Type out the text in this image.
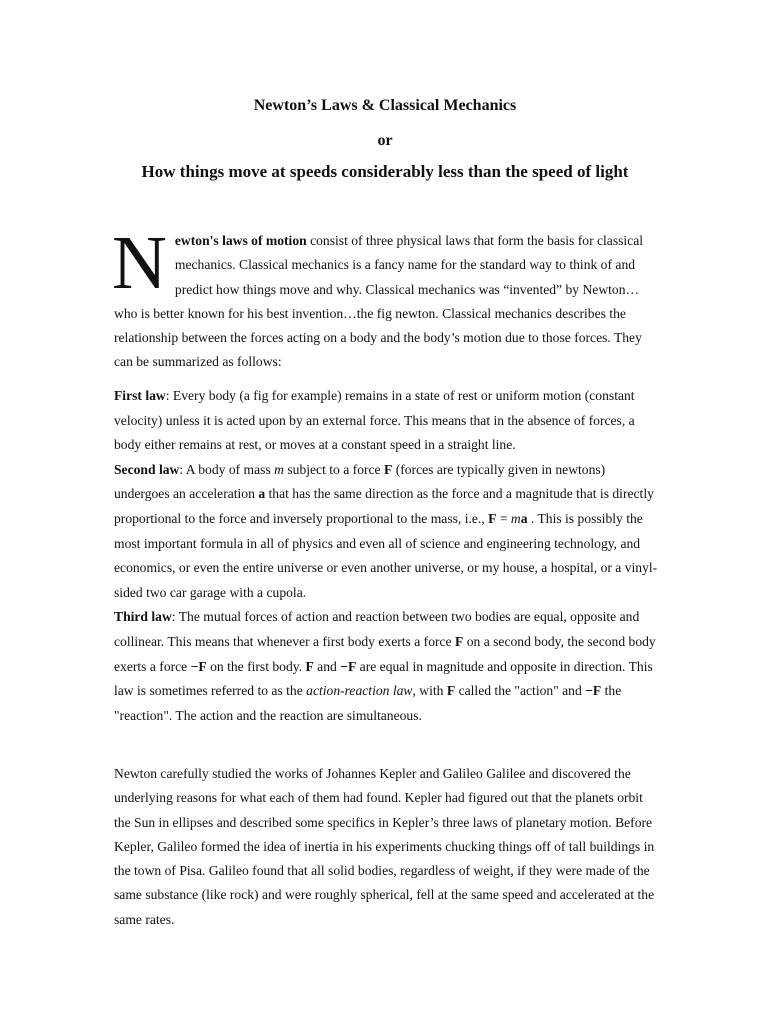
Newton’s Laws & Classical Mechanics
or
How things move at speeds considerably less than the speed of light
Newton's laws of motion consist of three physical laws that form the basis for classical mechanics. Classical mechanics is a fancy name for the standard way to think of and predict how things move and why. Classical mechanics was “invented” by Newton…who is better known for his best invention…the fig newton. Classical mechanics describes the relationship between the forces acting on a body and the body’s motion due to those forces. They can be summarized as follows:

First law: Every body (a fig for example) remains in a state of rest or uniform motion (constant velocity) unless it is acted upon by an external force. This means that in the absence of forces, a body either remains at rest, or moves at a constant speed in a straight line.

Second law: A body of mass m subject to a force F (forces are typically given in newtons) undergoes an acceleration a that has the same direction as the force and a magnitude that is directly proportional to the force and inversely proportional to the mass, i.e., F = ma . This is possibly the most important formula in all of physics and even all of science and engineering technology, and economics, or even the entire universe or even another universe, or my house, a hospital, or a vinyl-sided two car garage with a cupola.

Third law: The mutual forces of action and reaction between two bodies are equal, opposite and collinear. This means that whenever a first body exerts a force F on a second body, the second body exerts a force −F on the first body. F and −F are equal in magnitude and opposite in direction. This law is sometimes referred to as the action-reaction law, with F called the "action" and −F the "reaction". The action and the reaction are simultaneous.

Newton carefully studied the works of Johannes Kepler and Galileo Galilee and discovered the underlying reasons for what each of them had found. Kepler had figured out that the planets orbit the Sun in ellipses and described some specifics in Kepler’s three laws of planetary motion. Before Kepler, Galileo formed the idea of inertia in his experiments chucking things off of tall buildings in the town of Pisa. Galileo found that all solid bodies, regardless of weight, if they were made of the same substance (like rock) and were roughly spherical, fell at the same speed and accelerated at the same rates.
